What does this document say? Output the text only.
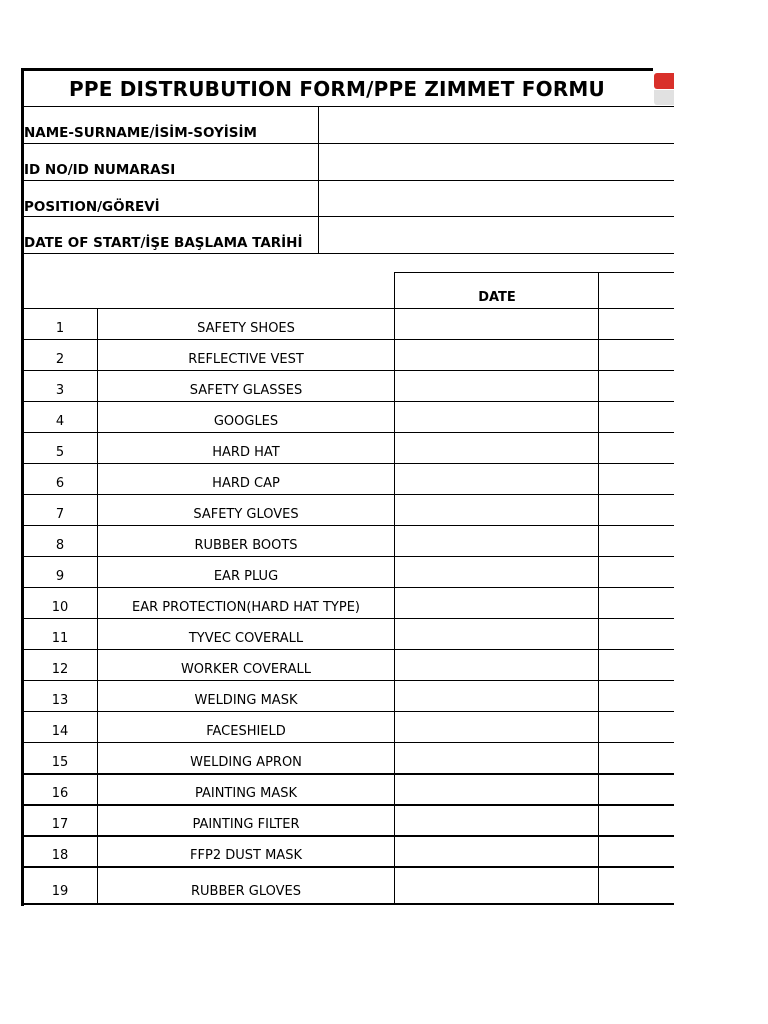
PPE DISTRUBUTION FORM/PPE ZIMMET FORMU
NAME-SURNAME/İSİM-SOYİSİM
ID NO/ID NUMARASI
POSITION/GÖREVİ
DATE OF START/İŞE BAŞLAMA TARİHİ
DATE
1	SAFETY SHOES
2	REFLECTIVE VEST
3	SAFETY GLASSES
4	GOOGLES
5	HARD HAT
6	HARD CAP
7	SAFETY GLOVES
8	RUBBER BOOTS
9	EAR PLUG
10	EAR PROTECTION(HARD HAT TYPE)
11	TYVEC COVERALL
12	WORKER COVERALL
13	WELDING MASK
14	FACESHIELD
15	WELDING APRON
16	PAINTING MASK
17	PAINTING FILTER
18	FFP2 DUST MASK
19	RUBBER GLOVES
